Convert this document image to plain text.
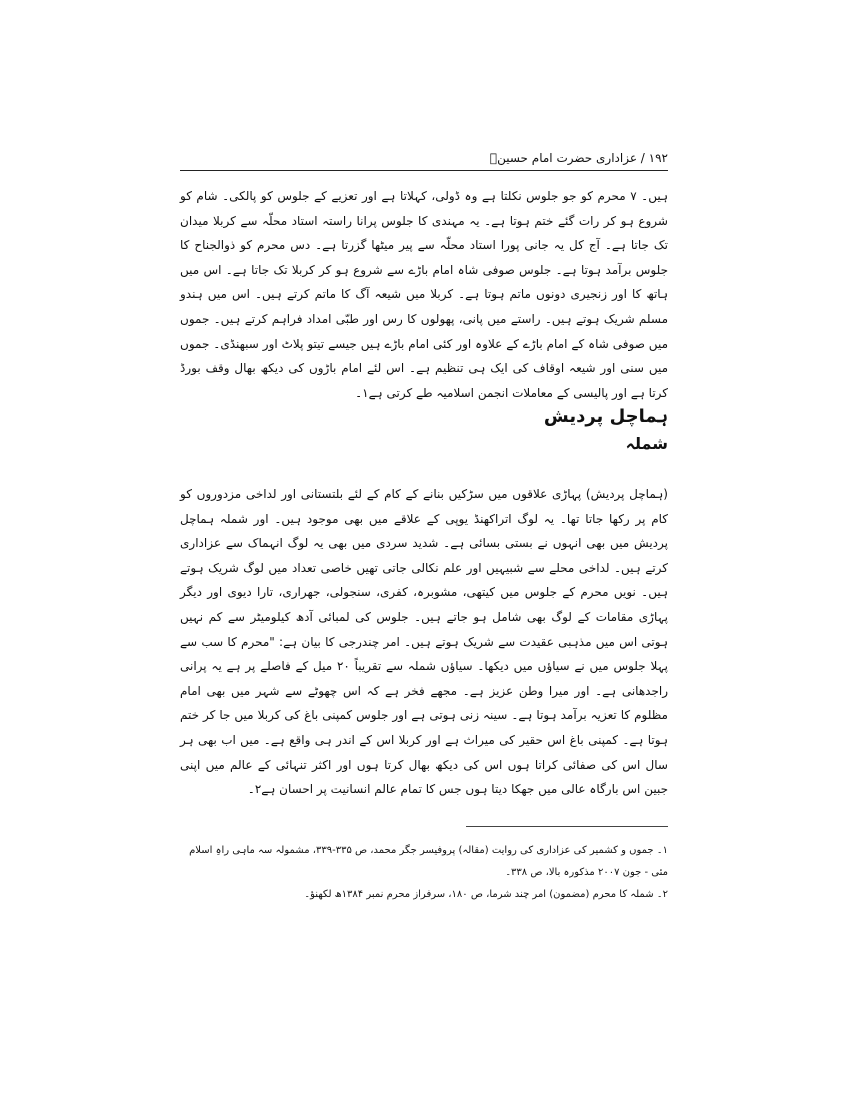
۱۹۲ / عزاداری حضرت امام حسینؑ

ہیں۔ ۷ محرم کو جو جلوس نکلتا ہے وہ ڈولی، کہلاتا ہے اور تعزیے کے جلوس کو پالکی۔ شام کو شروع ہو کر رات گئے ختم ہوتا ہے۔ یہ مہندی کا جلوس پرانا راستہ استاد محلّہ سے کربلا میدان تک جاتا ہے۔ آج کل یہ جانی پورا استاد محلّہ سے پیر میٹھا گزرتا ہے۔ دس محرم کو ذوالجناح کا جلوس برآمد ہوتا ہے۔ جلوس صوفی شاہ امام باڑے سے شروع ہو کر کربلا تک جاتا ہے۔ اس میں ہاتھ کا اور زنجیری دونوں ماتم ہوتا ہے۔ کربلا میں شیعہ آگ کا ماتم کرتے ہیں۔ اس میں ہندو مسلم شریک ہوتے ہیں۔ راستے میں پانی، پھولوں کا رس اور طبّی امداد فراہم کرتے ہیں۔ جموں میں صوفی شاہ کے امام باڑے کے علاوہ اور کئی امام باڑے ہیں جیسے تیتو پلاٹ اور سبھنڈی۔ جموں میں سنی اور شیعہ اوقاف کی ایک ہی تنظیم ہے۔ اس لئے امام باڑوں کی دیکھ بھال وقف بورڈ کرتا ہے اور پالیسی کے معاملات انجمن اسلامیہ طے کرتی ہے۱۔

ہماچل پردیش
شملہ

(ہماچل پردیش) پہاڑی علاقوں میں سڑکیں بنانے کے کام کے لئے بلتستانی اور لداخی مزدوروں کو کام پر رکھا جاتا تھا۔ یہ لوگ اتراکھنڈ یوپی کے علاقے میں بھی موجود ہیں۔ اور شملہ ہماچل پردیش میں بھی انہوں نے بستی بسائی ہے۔ شدید سردی میں بھی یہ لوگ انہماک سے عزاداری کرتے ہیں۔ لداخی محلے سے شبیہیں اور علم نکالی جاتی تھیں خاصی تعداد میں لوگ شریک ہوتے ہیں۔ نویں محرم کے جلوس میں کیتھی، مشوبرہ، کفری، سنجولی، جھراری، تارا دیوی اور دیگر پہاڑی مقامات کے لوگ بھی شامل ہو جاتے ہیں۔ جلوس کی لمبائی آدھ کیلومیٹر سے کم نہیں ہوتی اس میں مذہبی عقیدت سے شریک ہوتے ہیں۔ امر چندرجی کا بیان ہے: "محرم کا سب سے پہلا جلوس میں نے سیاؤں میں دیکھا۔ سیاؤں شملہ سے تقریباً ۲۰ میل کے فاصلے پر ہے یہ پرانی راجدھانی ہے۔ اور میرا وطن عزیز ہے۔ مجھے فخر ہے کہ اس چھوٹے سے شہر میں بھی امام مظلوم کا تعزیہ برآمد ہوتا ہے۔ سینہ زنی ہوتی ہے اور جلوس کمپنی باغ کی کربلا میں جا کر ختم ہوتا ہے۔ کمپنی باغ اس حقیر کی میراث ہے اور کربلا اس کے اندر ہی واقع ہے۔ میں اب بھی ہر سال اس کی صفائی کراتا ہوں اس کی دیکھ بھال کرتا ہوں اور اکثر تنہائی کے عالم میں اپنی جبین اس بارگاہ عالی میں جھکا دیتا ہوں جس کا تمام عالم انسانیت پر احسان ہے۲۔

۱۔ جموں و کشمیر کی عزاداری کی روایت (مقالہ) پروفیسر جگر محمد، ص ۳۳۵-۳۳۹، مشمولہ سہ ماہی راہِ اسلام مئی - جون ۲۰۰۷ مذکورہ بالا، ص ۳۳۸۔

۲۔ شملہ کا محرم (مضمون) امر چند شرما، ص ۱۸۰، سرفراز محرم نمبر ۱۳۸۴ھ لکھنؤ۔
